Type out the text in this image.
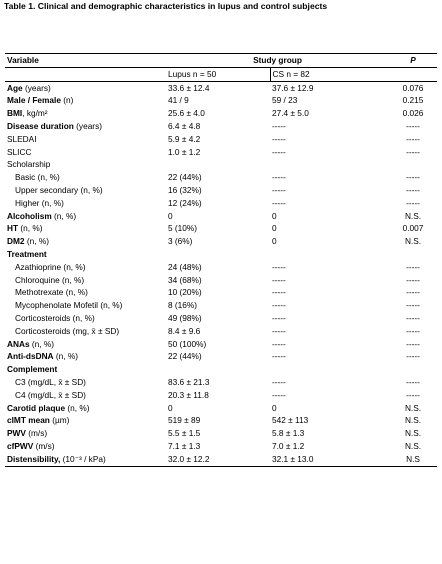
Table 1. Clinical and demographic characteristics in lupus and control subjects
Variable	Study group		P
	Lupus n = 50	CS n = 82	
Age (years)	33.6 ± 12.4	37.6 ± 12.9	0.076
Male / Female (n)	41 / 9	59 / 23	0.215
BMI, kg/m²	25.6 ± 4.0	27.4 ± 5.0	0.026
Disease duration (years)	6.4 ± 4.8	-----	-----
SLEDAI	5.9 ± 4.2	-----	-----
SLICC	1.0 ± 1.2	-----	-----
Scholarship			
Basic (n, %)	22 (44%)	-----	-----
Upper secondary (n, %)	16 (32%)	-----	-----
Higher (n, %)	12 (24%)	-----	-----
Alcoholism (n, %)	0	0	N.S.
HT (n, %)	5 (10%)	0	0.007
DM2 (n, %)	3 (6%)	0	N.S.
Treatment			
Azathioprine (n, %)	24 (48%)	-----	-----
Chloroquine (n, %)	34 (68%)	-----	-----
Methotrexate (n, %)	10 (20%)	-----	-----
Mycophenolate Mofetil (n, %)	8 (16%)	-----	-----
Corticosteroids (n, %)	49 (98%)	-----	-----
Corticosteroids (mg, x̄ ± SD)	8.4 ± 9.6	-----	-----
ANAs (n, %)	50 (100%)	-----	-----
Anti-dsDNA (n, %)	22 (44%)	-----	-----
Complement			
C3 (mg/dL, x̄ ± SD)	83.6 ± 21.3	-----	-----
C4 (mg/dL, x̄ ± SD)	20.3 ± 11.8	-----	-----
Carotid plaque (n, %)	0	0	N.S.
cIMT mean (µm)	519 ± 89	542 ± 113	N.S.
PWV (m/s)	5.5 ± 1.5	5.8 ± 1.3	N.S.
cfPWV (m/s)	7.1 ± 1.3	7.0 ± 1.2	N.S.
Distensibility, (10⁻³ / kPa)	32.0 ± 12.2	32.1 ± 13.0	N.S
